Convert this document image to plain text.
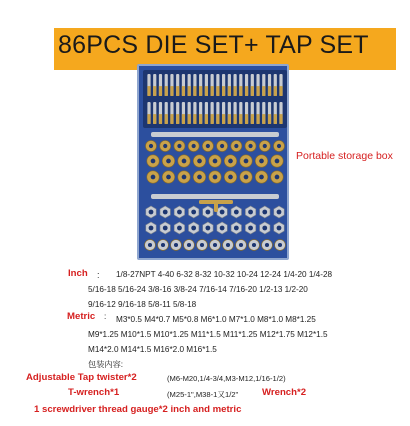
86PCS DIE SET+ TAP SET
Portable storage box
Inch : 1/8-27NPT 4-40 6-32 8-32 10-32 10-24 12-24 1/4-20 1/4-28
5/16-18 5/16-24 3/8-16 3/8-24 7/16-14 7/16-20 1/2-13 1/2-20
9/16-12 9/16-18 5/8-11 5/8-18
Metric : M3*0.5 M4*0.7 M5*0.8 M6*1.0 M7*1.0 M8*1.0 M8*1.25
M9*1.25 M10*1.5 M10*1.25 M11*1.5 M11*1.25 M12*1.75 M12*1.5
M14*2.0 M14*1.5 M16*2.0 M16*1.5
包装内容:
Adjustable Tap twister*2	(M6-M20,1/4-3/4,M3-M12,1/16-1/2)
T-wrench*1	(M25-1",M38-1又1/2" Wrench*2
1 screwdriver thread gauge*2 inch and metric
